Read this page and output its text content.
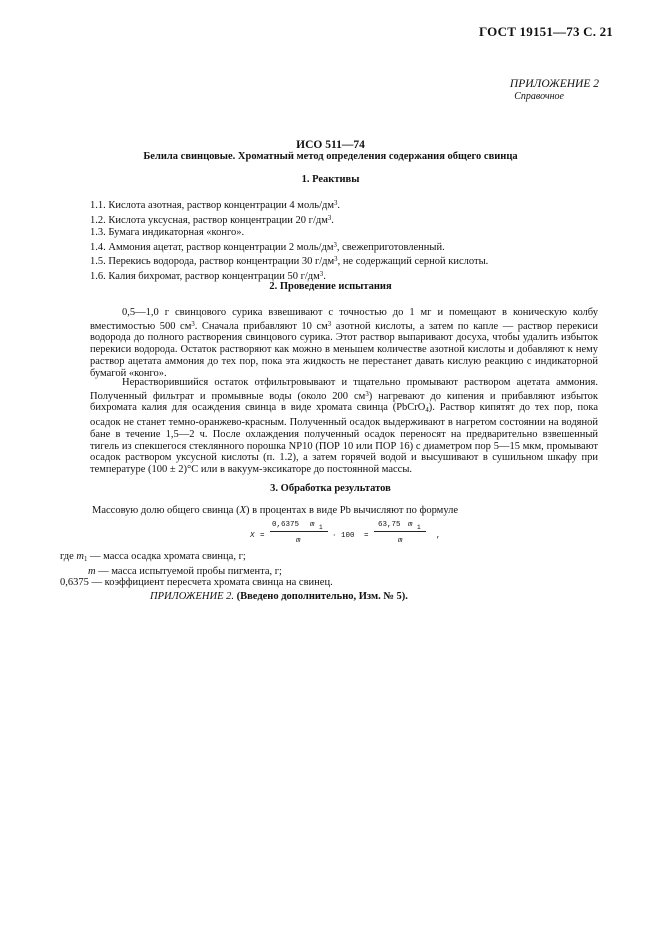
ГОСТ 19151—73 С. 21
ПРИЛОЖЕНИЕ 2
Справочное
ИСО 511—74
Белила свинцовые. Хроматный метод определения содержания общего свинца
1. Реактивы
1.1. Кислота азотная, раствор концентрации 4 моль/$дм^3$.
1.2. Кислота уксусная, раствор концентрации 20 $г/дм^3$.
1.3. Бумага индикаторная «конго».
1.4. Аммония ацетат, раствор концентрации 2 моль/$дм^3$, свежеприготовленный.
1.5. Перекись водорода, раствор концентрации 30 $г/дм^3$, не содержащий серной кислоты.
1.6. Калия бихромат, раствор концентрации 50 $г/дм^3$.
2. Проведение испытания
0,5—1,0 г свинцового сурика взвешивают с точностью до 1 мг и помещают в коническую колбу вместимостью 500 $см^3$. Сначала прибавляют 10 $см^3$ азотной кислоты, а затем по капле — раствор перекиси водорода до полного растворения свинцового сурика. Этот раствор выпаривают досуха, чтобы удалить избыток перекиси водорода. Остаток растворяют как можно в меньшем количестве азотной кислоты и добавляют к нему раствор ацетата аммония до тех пор, пока эта жидкость не перестанет давать кислую реакцию с индикаторной бумагой «конго».
Нерастворившийся остаток отфильтровывают и тщательно промывают раствором ацетата аммония. Полученный фильтрат и промывные воды (около 200 $см^3$) нагревают до кипения и прибавляют избыток бихромата калия для осаждения свинца в виде хромата свинца (PbCrO$_4$). Раствор кипятят до тех пор, пока осадок не станет темно-оранжево-красным. Полученный осадок выдерживают в нагретом состоянии на водяной бане в течение 1,5—2 ч. После охлаждения полученный осадок переносят на предварительно взвешенный тигель из спекшегося стеклянного порошка NP10 (ПОР 10 или ПОР 16) с диаметром пор 5—15 мкм, промывают осадок раствором уксусной кислоты (п. 1.2), а затем горячей водой и высушивают в сушильном шкафу при температуре (100 ± 2)°С или в вакуум-эксикаторе до постоянной массы.
3. Обработка результатов
Массовую долю общего свинца (X) в процентах в виде Pb вычисляют по формуле
X =
0,6375 m 1
m
· 100 =
63,75 m 1
m
,
где $m_1$ — масса осадка хромата свинца, г;
m — масса испытуемой пробы пигмента, г;
0,6375 — коэффициент пересчета хромата свинца на свинец.
ПРИЛОЖЕНИЕ 2. (Введено дополнительно, Изм. № 5).
